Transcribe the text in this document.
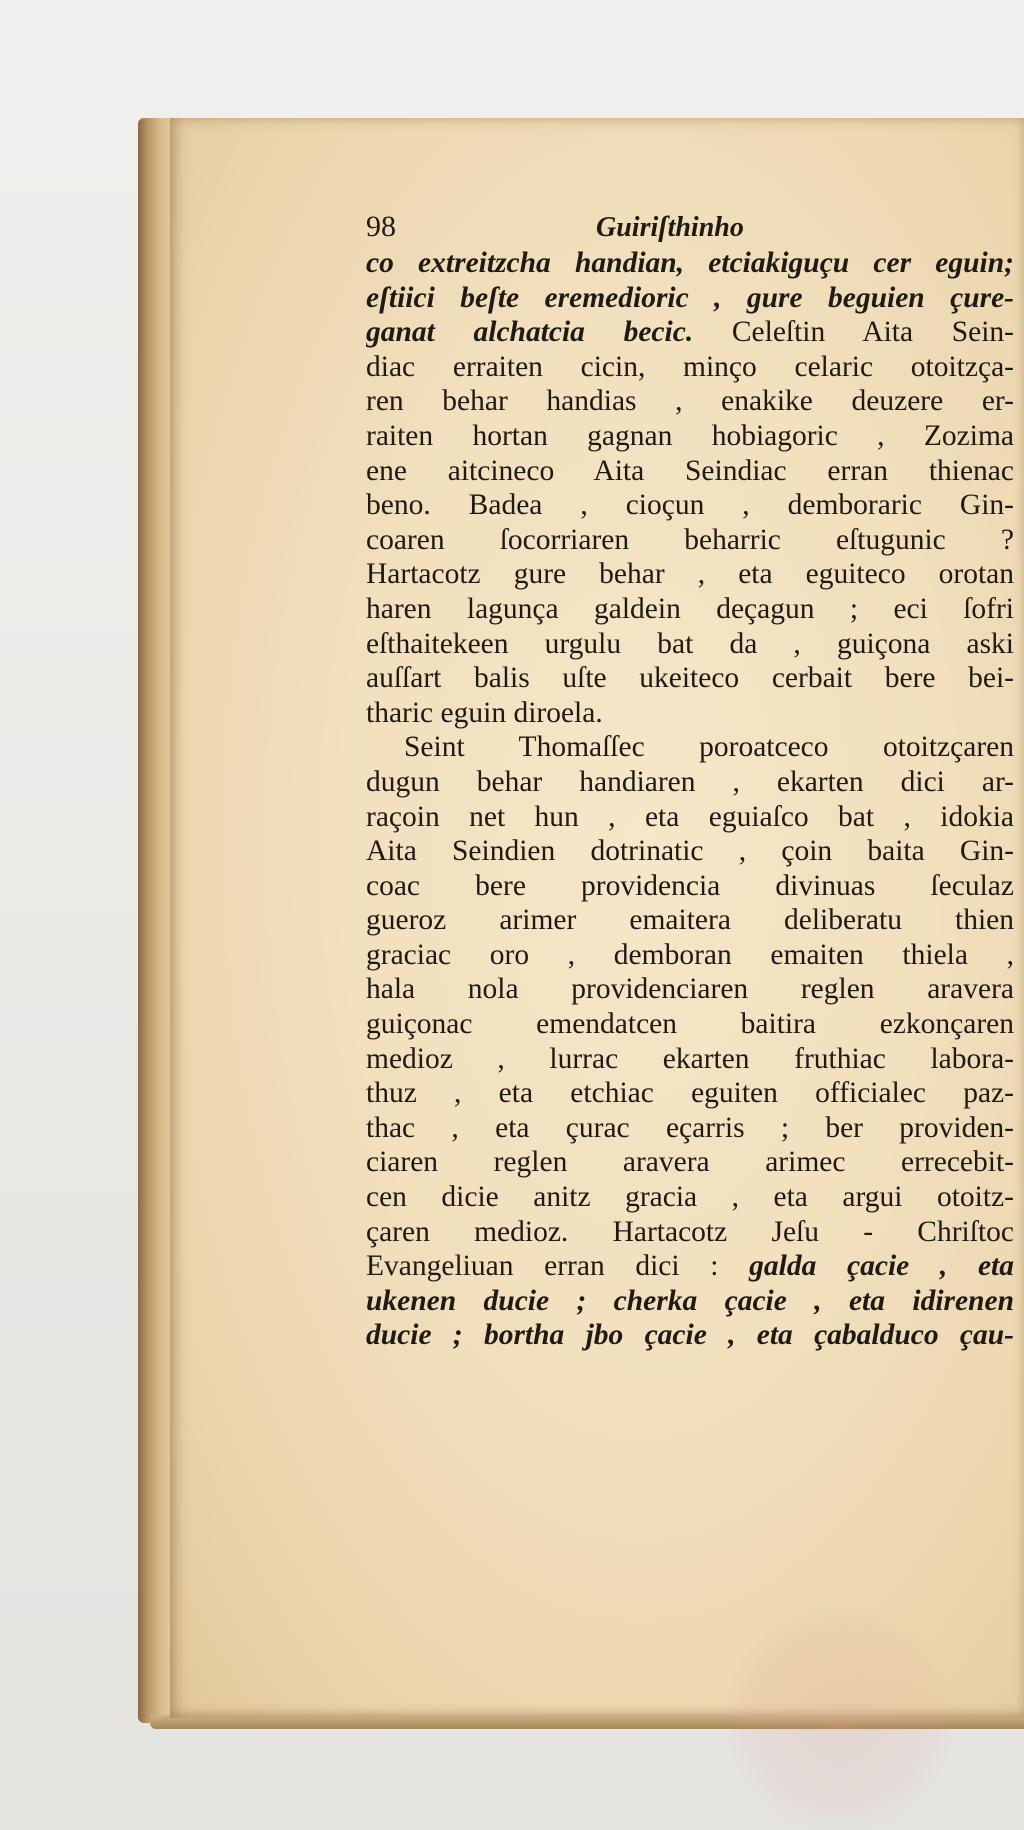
98	Guiriſthinho
co extreitzcha handian, etciakiguçu cer eguin;
eſtiici beſte eremedioric , gure beguien çure-
ganat alchatcia becic. Celeſtin Aita Sein-
diac erraiten cicin, minço celaric otoitzça-
ren behar handias , enakike deuzere er-
raiten hortan gagnan hobiagoric , Zozima
ene aitcineco Aita Seindiac erran thienac
beno. Badea , cioçun , demboraric Gin-
coaren ſocorriaren beharric eſtugunic ?
Hartacotz gure behar , eta eguiteco orotan
haren lagunça galdein deçagun ; eci ſofri
eſthaitekeen urgulu bat da , guiçona aski
auſſart balis uſte ukeiteco cerbait bere bei-
tharic eguin diroela.
Seint Thomaſſec poroatceco otoitzçaren
dugun behar handiaren , ekarten dici ar-
raçoin net hun , eta eguiaſco bat , idokia
Aita Seindien dotrinatic , çoin baita Gin-
coac bere providencia divinuas ſeculaz
gueroz arimer emaitera deliberatu thien
graciac oro , demboran emaiten thiela ,
hala nola providenciaren reglen aravera
guiçonac emendatcen baitira ezkonçaren
medioz , lurrac ekarten fruthiac labora-
thuz , eta etchiac eguiten officialec paz-
thac , eta çurac eçarris ; ber providen-
ciaren reglen aravera arimec errecebit-
cen dicie anitz gracia , eta argui otoitz-
çaren medioz. Hartacotz Jeſu - Chriſtoc
Evangeliuan erran dici : galda çacie , eta
ukenen ducie ; cherka çacie , eta idirenen
ducie ; bortha jbo çacie , eta çabalduco çau-
